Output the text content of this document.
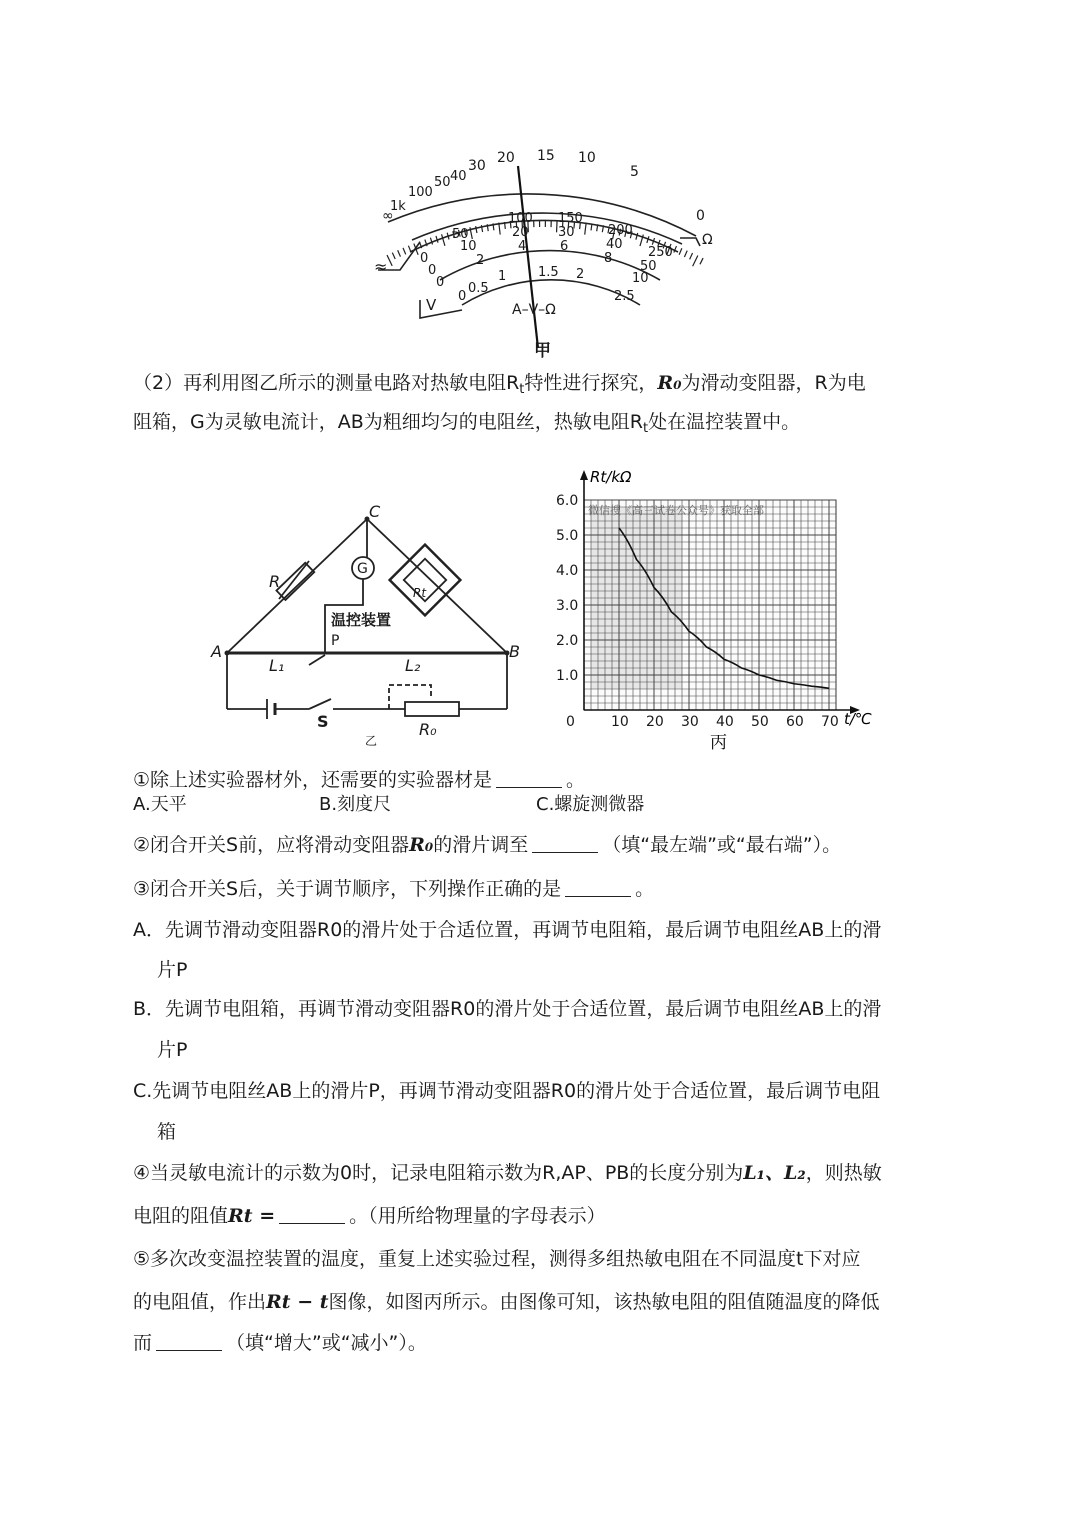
∞
1k
100
50 40
30 20 15 10
5
0
Ω
0
50
100 150
200
250
0
10
20 30
40
50
0
2
4	6
8
10
0
0.5
1 1.5 2
2.5
≈
V	A–V–Ω
甲
（2）再利用图乙所示的测量电路对热敏电阻$R_t$特性进行探究，R₀为滑动变阻器，R为电
阻箱，G为灵敏电流计，AB为粗细均匀的电阻丝，热敏电阻$R_t$处在温控装置中。
C
G
R
Rt
温控装置
P
A	B
L₁	L₂
S	R₀
乙
微信搜《高三试卷公众号》获取全部
0	10 20 30 40 50 60 70
1.0
2.0
3.0
4.0
5.0
6.0
Rt/kΩ
t/℃
丙
①除上述实验器材外，还需要的实验器材是	。
A.天平	B.刻度尺	C.螺旋测微器
②闭合开关S前，应将滑动变阻器R₀的滑片调至	（填“最左端”或“最右端”）。
③闭合开关S后，关于调节顺序，下列操作正确的是	。
A．先调节滑动变阻器R0的滑片处于合适位置，再调节电阻箱，最后调节电阻丝AB上的滑
片P
B．先调节电阻箱，再调节滑动变阻器R0的滑片处于合适位置，最后调节电阻丝AB上的滑
片P
C.先调节电阻丝AB上的滑片P，再调节滑动变阻器R0的滑片处于合适位置，最后调节电阻
箱
④当灵敏电流计的示数为0时，记录电阻箱示数为R,AP、PB的长度分别为L₁、L₂，则热敏
电阻的阻值Rt =	。（用所给物理量的字母表示）
⑤多次改变温控装置的温度，重复上述实验过程，测得多组热敏电阻在不同温度t下对应
的电阻值，作出Rt − t图像，如图丙所示。由图像可知，该热敏电阻的阻值随温度的降低
而	（填“增大”或“减小”）。
